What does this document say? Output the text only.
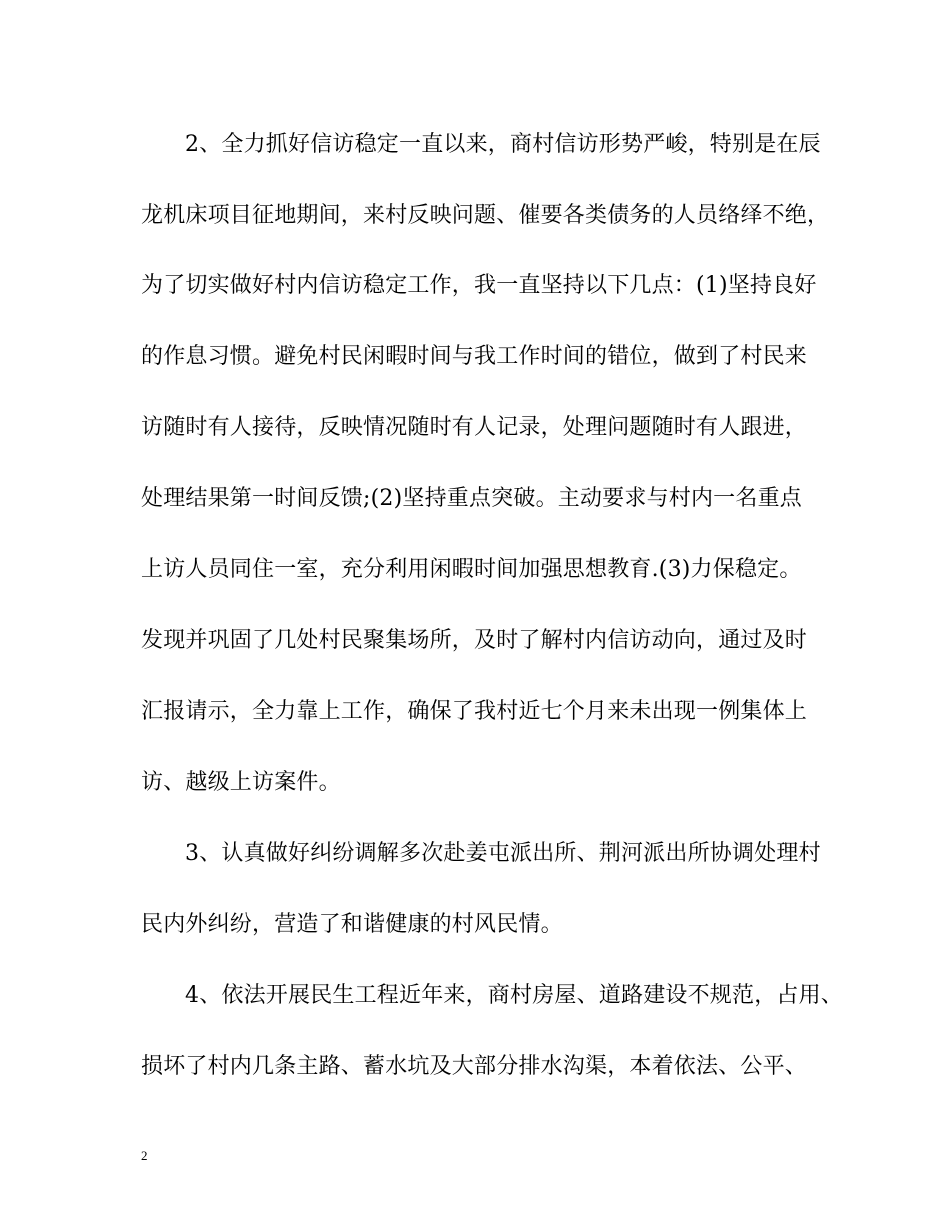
2、全力抓好信访稳定一直以来，商村信访形势严峻，特别是在辰
龙机床项目征地期间，来村反映问题、催要各类债务的人员络绎不绝，
为了切实做好村内信访稳定工作，我一直坚持以下几点：(1)坚持良好
的作息习惯。避免村民闲暇时间与我工作时间的错位，做到了村民来
访随时有人接待，反映情况随时有人记录，处理问题随时有人跟进，
处理结果第一时间反馈;(2)坚持重点突破。主动要求与村内一名重点
上访人员同住一室，充分利用闲暇时间加强思想教育.(3)力保稳定。
发现并巩固了几处村民聚集场所，及时了解村内信访动向，通过及时
汇报请示，全力靠上工作，确保了我村近七个月来未出现一例集体上
访、越级上访案件。
3、认真做好纠纷调解多次赴姜屯派出所、荆河派出所协调处理村
民内外纠纷，营造了和谐健康的村风民情。
4、依法开展民生工程近年来，商村房屋、道路建设不规范，占用、
损坏了村内几条主路、蓄水坑及大部分排水沟渠，本着依法、公平、
2
